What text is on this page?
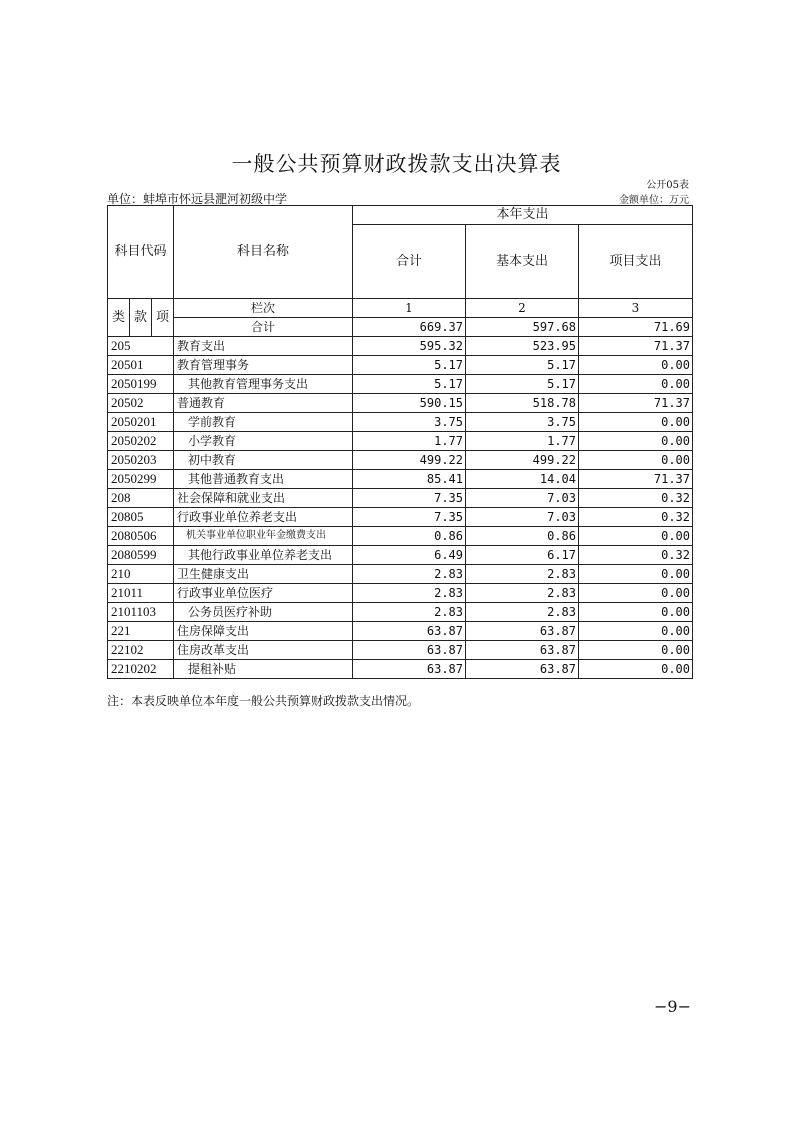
一般公共预算财政拨款支出决算表
公开05表
单位：蚌埠市怀远县淝河初级中学	金额单位：万元
科目代码			科目名称	本年支出		
				合计	基本支出	项目支出
类	款	项	栏次	1	2	3
			合计	669.37	597.68	71.69
205			教育支出	595.32	523.95	71.37
20501			教育管理事务	5.17	5.17	0.00
2050199			其他教育管理事务支出	5.17	5.17	0.00
20502			普通教育	590.15	518.78	71.37
2050201			学前教育	3.75	3.75	0.00
2050202			小学教育	1.77	1.77	0.00
2050203			初中教育	499.22	499.22	0.00
2050299			其他普通教育支出	85.41	14.04	71.37
208			社会保障和就业支出	7.35	7.03	0.32
20805			行政事业单位养老支出	7.35	7.03	0.32
2080506			机关事业单位职业年金缴费支出	0.86	0.86	0.00
2080599			其他行政事业单位养老支出	6.49	6.17	0.32
210			卫生健康支出	2.83	2.83	0.00
21011			行政事业单位医疗	2.83	2.83	0.00
2101103			公务员医疗补助	2.83	2.83	0.00
221			住房保障支出	63.87	63.87	0.00
22102			住房改革支出	63.87	63.87	0.00
2210202			提租补贴	63.87	63.87	0.00
注：本表反映单位本年度一般公共预算财政拨款支出情况。
−9−
